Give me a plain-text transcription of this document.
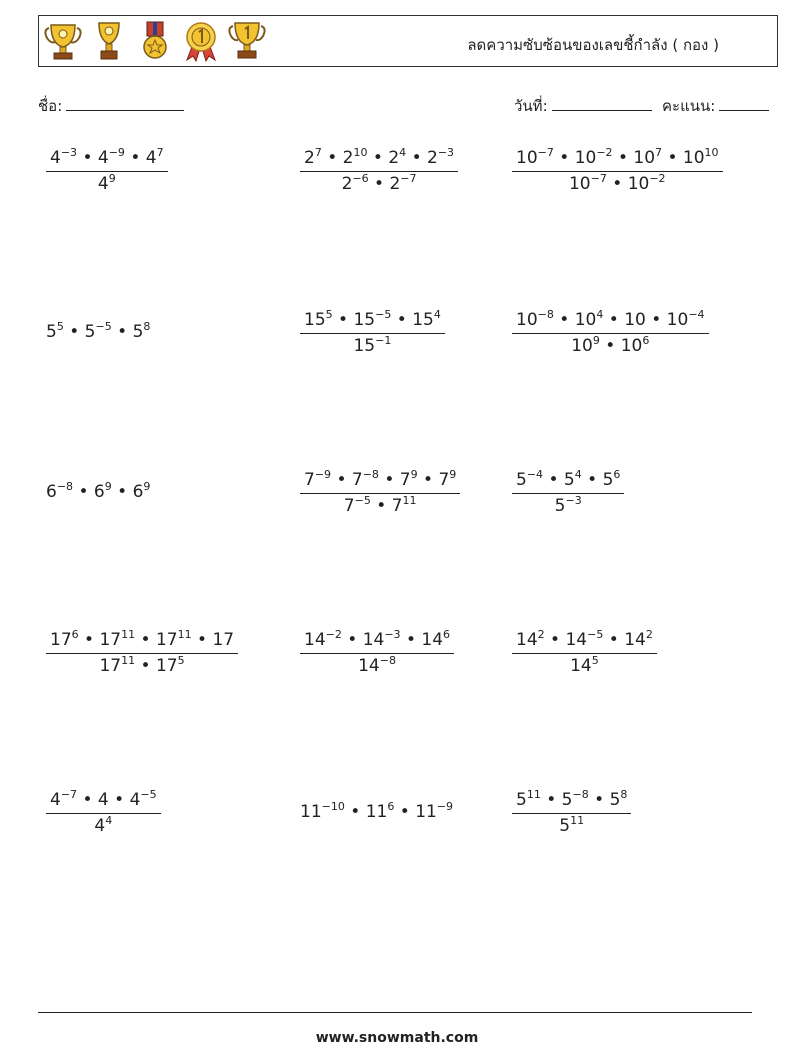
ลดความซับซ้อนของเลขชี้กำลัง ( กอง )
ชื่อ:	วันที่:	คะแนน:
$\frac{4^{-3} • 4^{-9} • 4^7}{4^9}$	$\frac{2^7 • 2^{10} • 2^4 • 2^{-3}}{2^{-6} • 2^{-7}}$	$\frac{10^{-7} • 10^{-2} • 10^7 • 10^{10}}{10^{-7} • 10^{-2}}$
$5^5$ • $5^{-5}$ • $5^8$	$\frac{15^5 • 15^{-5} • 15^4}{15^{-1}}$	$\frac{10^{-8} • 10^4 • 10 • 10^{-4}}{10^9 • 10^6}$
$6^{-8}$ • $6^9$ • $6^9$	$\frac{7^{-9} • 7^{-8} • 7^9 • 7^9}{7^{-5} • 7^{11}}$	$\frac{5^{-4} • 5^4 • 5^6}{5^{-3}}$
$\frac{17^6 • 17^{11} • 17^{11} • 17}{17^{11} • 17^5}$	$\frac{14^{-2} • 14^{-3} • 14^6}{14^{-8}}$	$\frac{14^2 • 14^{-5} • 14^2}{14^5}$
$\frac{4^{-7} • 4 • 4^{-5}}{4^4}$	$11^{-10}$ • $11^6$ • $11^{-9}$	$\frac{5^{11} • 5^{-8} • 5^8}{5^{11}}$
www.snowmath.com
